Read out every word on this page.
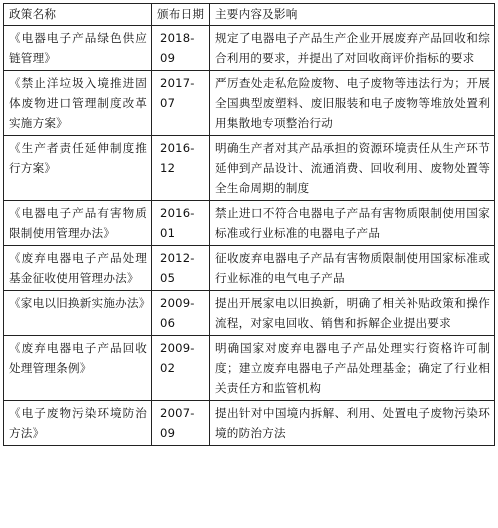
政策名称	颁布日期	主要内容及影响
《电器电子产品绿色供应链管理》	2018-09	规定了电器电子产品生产企业开展废弃产品回收和综合利用的要求，并提出了对回收商评价指标的要求
《禁止洋垃圾入境推进固体废物进口管理制度改革实施方案》	2017-07	严厉查处走私危险废物、电子废物等违法行为；开展全国典型废塑料、废旧服装和电子废物等堆放处置利用集散地专项整治行动
《生产者责任延伸制度推行方案》	2016-12	明确生产者对其产品承担的资源环境责任从生产环节延伸到产品设计、流通消费、回收利用、废物处置等全生命周期的制度
《电器电子产品有害物质限制使用管理办法》	2016-01	禁止进口不符合电器电子产品有害物质限制使用国家标准或行业标准的电器电子产品
《废弃电器电子产品处理基金征收使用管理办法》	2012-05	征收废弃电器电子产品有害物质限制使用国家标准或行业标准的电气电子产品
《家电以旧换新实施办法》	2009-06	提出开展家电以旧换新，明确了相关补贴政策和操作流程，对家电回收、销售和拆解企业提出要求
《废弃电器电子产品回收处理管理条例》	2009-02	明确国家对废弃电器电子产品处理实行资格许可制度；建立废弃电器电子产品处理基金；确定了行业相关责任方和监管机构
《电子废物污染环境防治方法》	2007-09	提出针对中国境内拆解、利用、处置电子废物污染环境的防治方法
